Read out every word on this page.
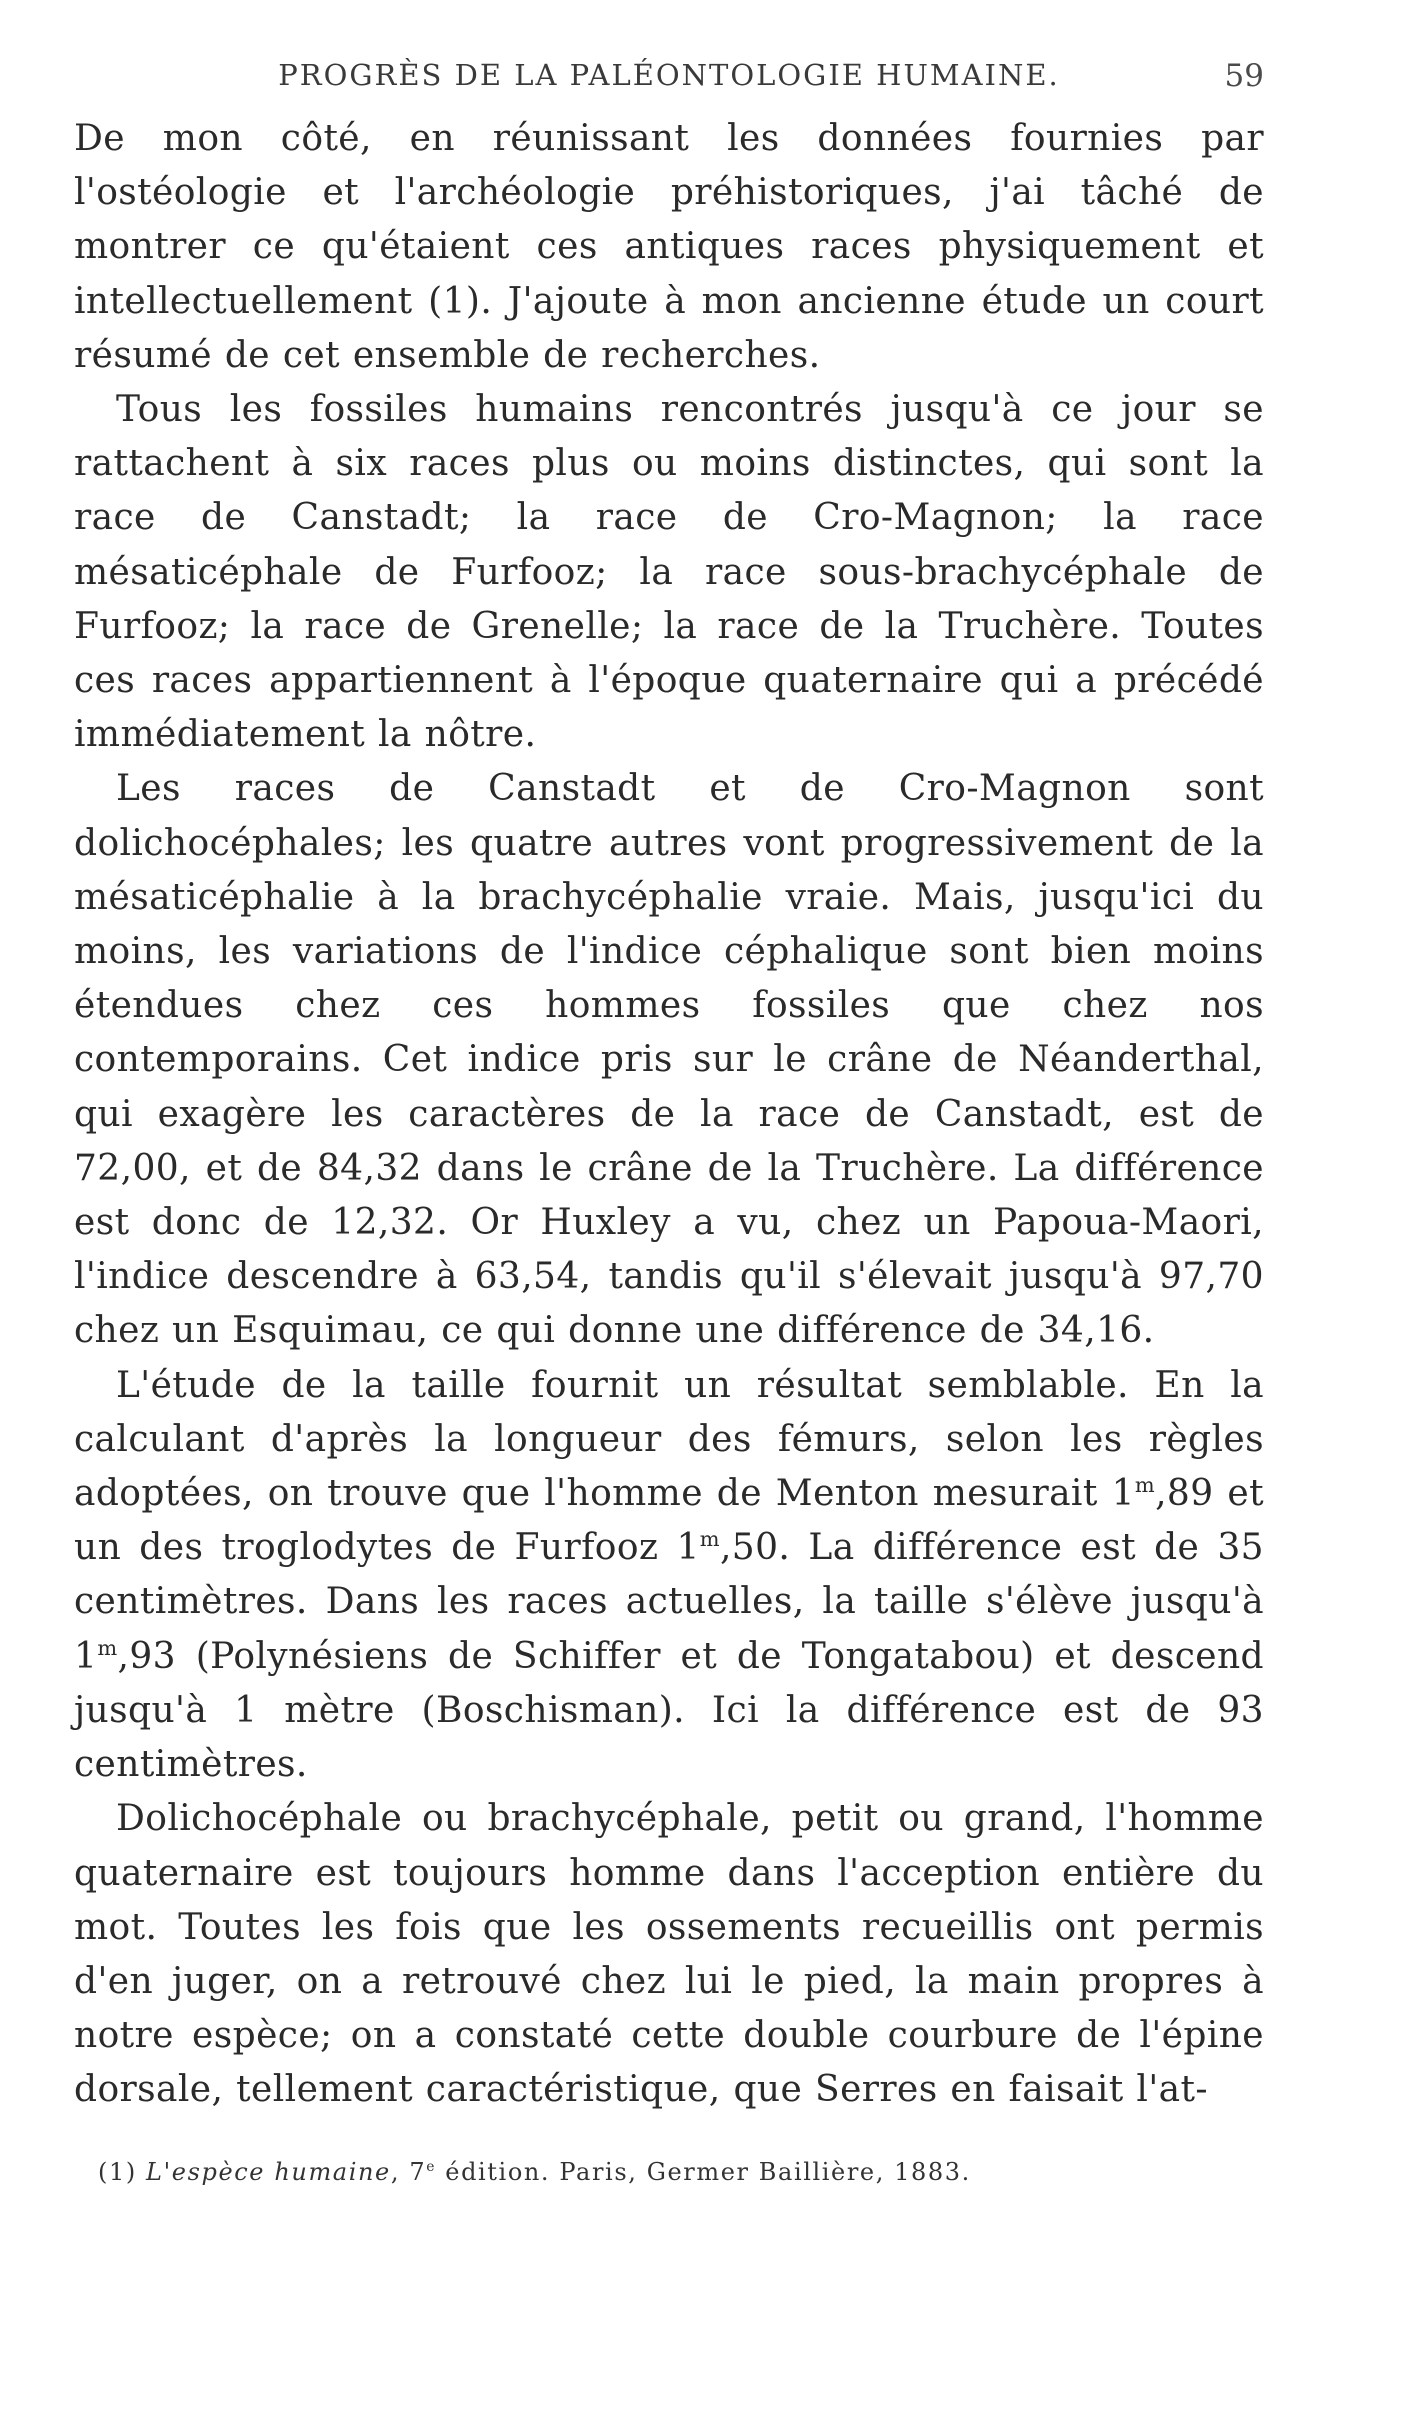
PROGRÈS DE LA PALÉONTOLOGIE HUMAINE.	59

De mon côté, en réunissant les données fournies par l'ostéologie et l'archéologie préhistoriques, j'ai tâché de montrer ce qu'étaient ces antiques races physiquement et intellectuellement (1). J'ajoute à mon ancienne étude un court résumé de cet ensemble de recherches.

Tous les fossiles humains rencontrés jusqu'à ce jour se rattachent à six races plus ou moins distinctes, qui sont la race de Canstadt; la race de Cro-Magnon; la race mésaticéphale de Furfooz; la race sous-brachycéphale de Furfooz; la race de Grenelle; la race de la Truchère. Toutes ces races appartiennent à l'époque quaternaire qui a précédé immédiatement la nôtre.

Les races de Canstadt et de Cro-Magnon sont dolichocéphales; les quatre autres vont progressivement de la mésaticéphalie à la brachycéphalie vraie. Mais, jusqu'ici du moins, les variations de l'indice céphalique sont bien moins étendues chez ces hommes fossiles que chez nos contemporains. Cet indice pris sur le crâne de Néanderthal, qui exagère les caractères de la race de Canstadt, est de 72,00, et de 84,32 dans le crâne de la Truchère. La différence est donc de 12,32. Or Huxley a vu, chez un Papoua-Maori, l'indice descendre à 63,54, tandis qu'il s'élevait jusqu'à 97,70 chez un Esquimau, ce qui donne une différence de 34,16.

L'étude de la taille fournit un résultat semblable. En la calculant d'après la longueur des fémurs, selon les règles adoptées, on trouve que l'homme de Menton mesurait 1$^m$,89 et un des troglodytes de Furfooz 1$^m$,50. La différence est de 35 centimètres. Dans les races actuelles, la taille s'élève jusqu'à 1$^m$,93 (Polynésiens de Schiffer et de Tongatabou) et descend jusqu'à 1 mètre (Boschisman). Ici la différence est de 93 centimètres.

Dolichocéphale ou brachycéphale, petit ou grand, l'homme quaternaire est toujours homme dans l'acception entière du mot. Toutes les fois que les ossements recueillis ont permis d'en juger, on a retrouvé chez lui le pied, la main propres à notre espèce; on a constaté cette double courbure de l'épine dorsale, tellement caractéristique, que Serres en faisait l'at-

(1) L'espèce humaine, 7e édition. Paris, Germer Baillière, 1883.
